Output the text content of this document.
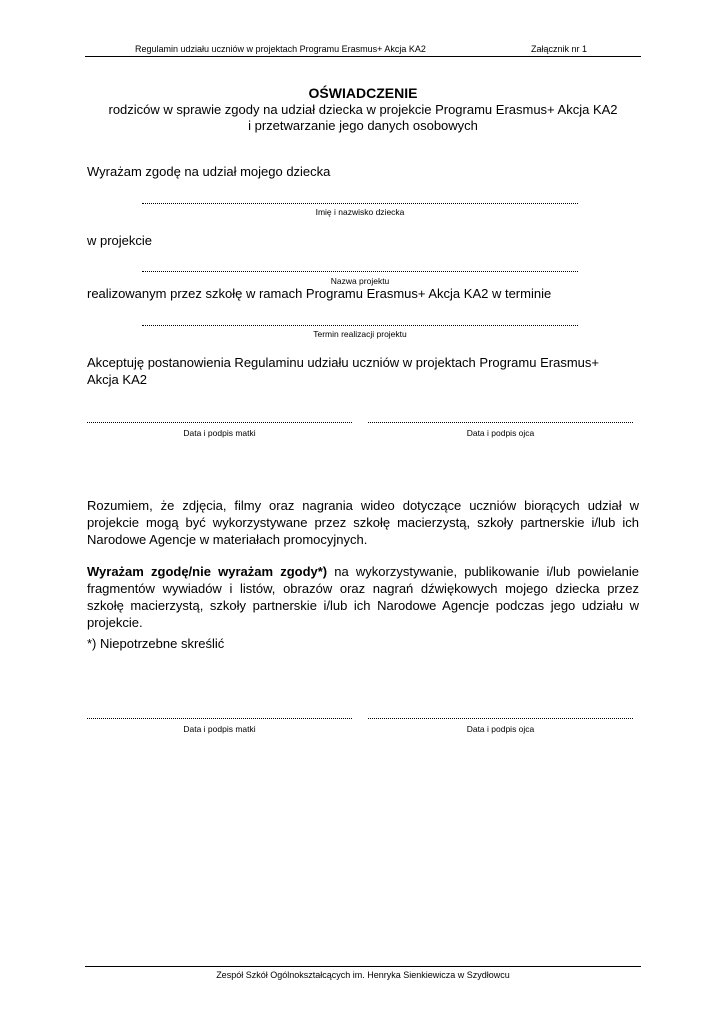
Regulamin udziału uczniów w projektach Programu Erasmus+ Akcja KA2	Załącznik nr 1
OŚWIADCZENIE
rodziców w sprawie zgody na udział dziecka w projekcie Programu Erasmus+ Akcja KA2
i przetwarzanie jego danych osobowych
Wyrażam zgodę na udział mojego dziecka
Imię i nazwisko dziecka
w projekcie
Nazwa projektu
realizowanym przez szkołę w ramach Programu Erasmus+ Akcja KA2 w terminie
Termin realizacji projektu
Akceptuję postanowienia Regulaminu udziału uczniów w projektach Programu Erasmus+
Akcja KA2
Data i podpis matki	Data i podpis ojca
Rozumiem, że zdjęcia, filmy oraz nagrania wideo dotyczące uczniów biorących udział w projekcie mogą być wykorzystywane przez szkołę macierzystą, szkoły partnerskie i/lub ich Narodowe Agencje w materiałach promocyjnych.
Wyrażam zgodę/nie wyrażam zgody*) na wykorzystywanie, publikowanie i/lub powielanie fragmentów wywiadów i listów, obrazów oraz nagrań dźwiękowych mojego dziecka przez szkołę macierzystą, szkoły partnerskie i/lub ich Narodowe Agencje podczas jego udziału w projekcie.
*) Niepotrzebne skreślić
Data i podpis matki	Data i podpis ojca
Zespół Szkół Ogólnokształcących im. Henryka Sienkiewicza w Szydłowcu
